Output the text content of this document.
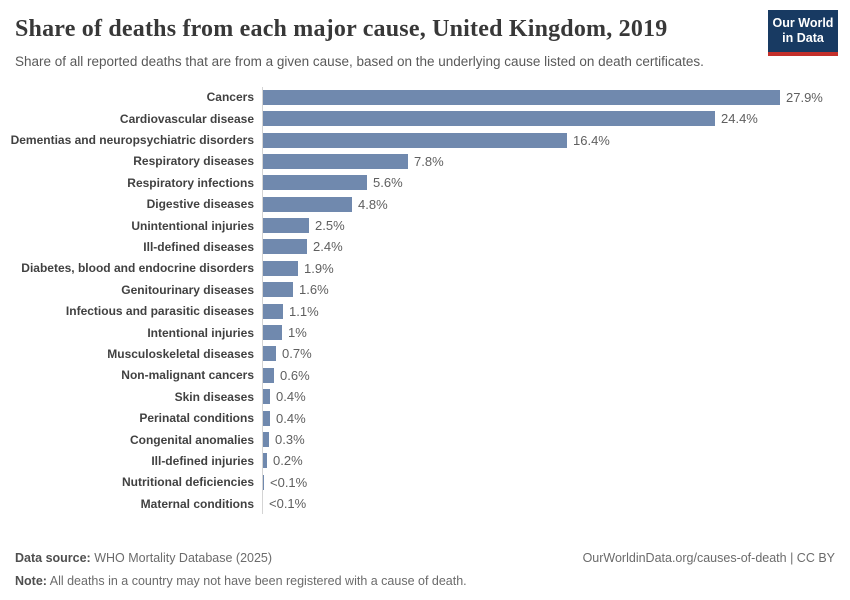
Share of deaths from each major cause, United Kingdom, 2019
Share of all reported deaths that are from a given cause, based on the underlying cause listed on death certificates.
Our World
in Data
Cancers	27.9%
Cardiovascular disease	24.4%
Dementias and neuropsychiatric disorders	16.4%
Respiratory diseases	7.8%
Respiratory infections	5.6%
Digestive diseases	4.8%
Unintentional injuries	2.5%
Ill-defined diseases	2.4%
Diabetes, blood and endocrine disorders	1.9%
Genitourinary diseases	1.6%
Infectious and parasitic diseases	1.1%
Intentional injuries	1%
Musculoskeletal diseases	0.7%
Non-malignant cancers	0.6%
Skin diseases	0.4%
Perinatal conditions	0.4%
Congenital anomalies	0.3%
Ill-defined injuries	0.2%
Nutritional deficiencies	<0.1%
Maternal conditions	<0.1%
Data source: WHO Mortality Database (2025)	OurWorldinData.org/causes-of-death | CC BY
Note: All deaths in a country may not have been registered with a cause of death.
